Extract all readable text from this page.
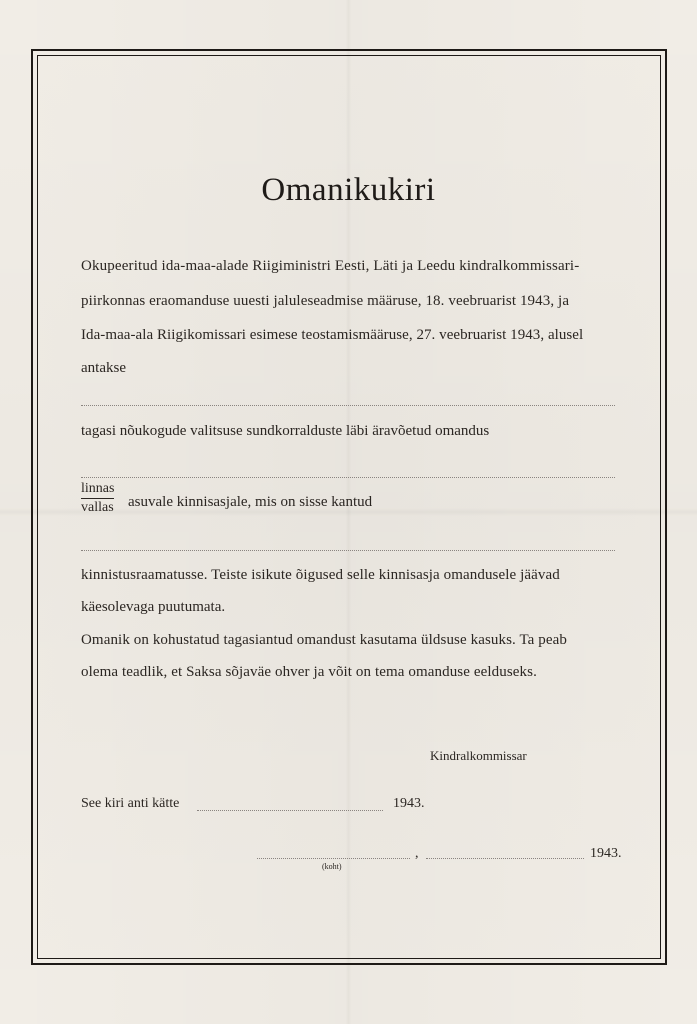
Omanikukiri
Okupeeritud ida-maa-alade Riigiministri Eesti, Läti ja Leedu kindralkommissari-
piirkonnas eraomanduse uuesti jaluleseadmise määruse, 18. veebruarist 1943, ja
Ida-maa-ala Riigikomissari esimese teostamismääruse, 27. veebruarist 1943, alusel
antakse
tagasi nõukogude valitsuse sundkorralduste läbi äravõetud omandus
linnas
vallas asuvale kinnisasjale, mis on sisse kantud
kinnistusraamatusse. Teiste isikute õigused selle kinnisasja omandusele jäävad
käesolevaga puutumata.
Omanik on kohustatud tagasiantud omandust kasutama üldsuse kasuks. Ta peab
olema teadlik, et Saksa sõjaväe ohver ja võit on tema omanduse eelduseks.
Kindralkommissar
See kiri anti kätte	1943.
,	1943.
(koht)
